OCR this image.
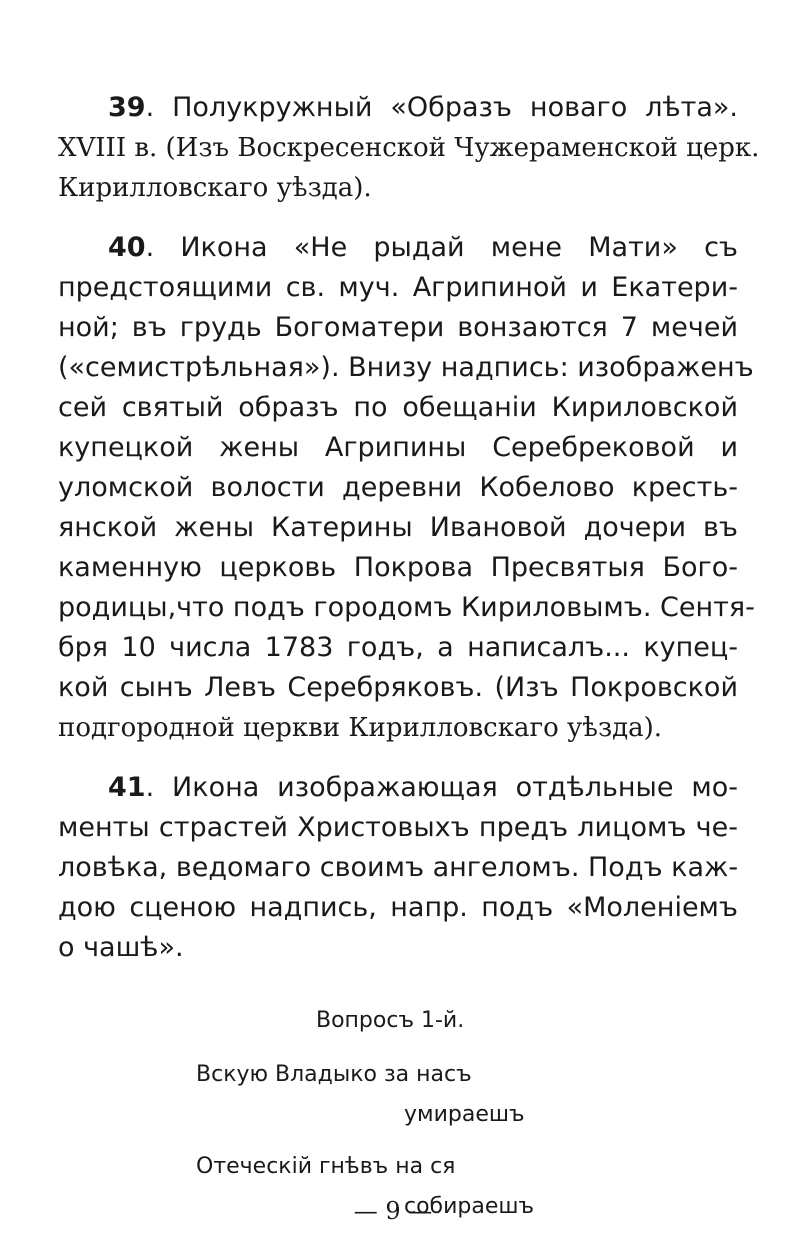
39. Полукружный «Образъ новаго лѣта».
XVIII в. (Изъ Воскресенской Чужераменской церк.
Кирилловскаго уѣзда).
40. Икона «Не рыдай мене Мати» съ
предстоящими св. муч. Агрипиной и Екатери-
ной; въ грудь Богоматери вонзаются 7 мечей
(«семистрѣльная»). Внизу надпись: изображенъ
сей святый образъ по обещанiи Кириловской
купецкой жены Агрипины Серебрековой и
уломской волости деревни Кобелово кресть-
янской жены Катерины Ивановой дочери въ
каменную церковь Покрова Пресвятыя Бого-
родицы,что подъ городомъ Кириловымъ. Сентя-
бря 10 числа 1783 годъ, а написалъ... купец-
кой сынъ Левъ Серебряковъ. (Изъ Покровской
подгородной церкви Кирилловскаго уѣзда).
41. Икона изображающая отдѣльные мо-
менты страстей Христовыхъ предъ лицомъ че-
ловѣка, ведомаго своимъ ангеломъ. Подъ каж-
дою сценою надпись, напр. подъ «Моленiемъ
о чашѣ».
Вопросъ 1-й.
Вскую Владыко за насъ
умираешъ
Отеческiй гнѣвъ на ся
собираешъ
— 9 —
